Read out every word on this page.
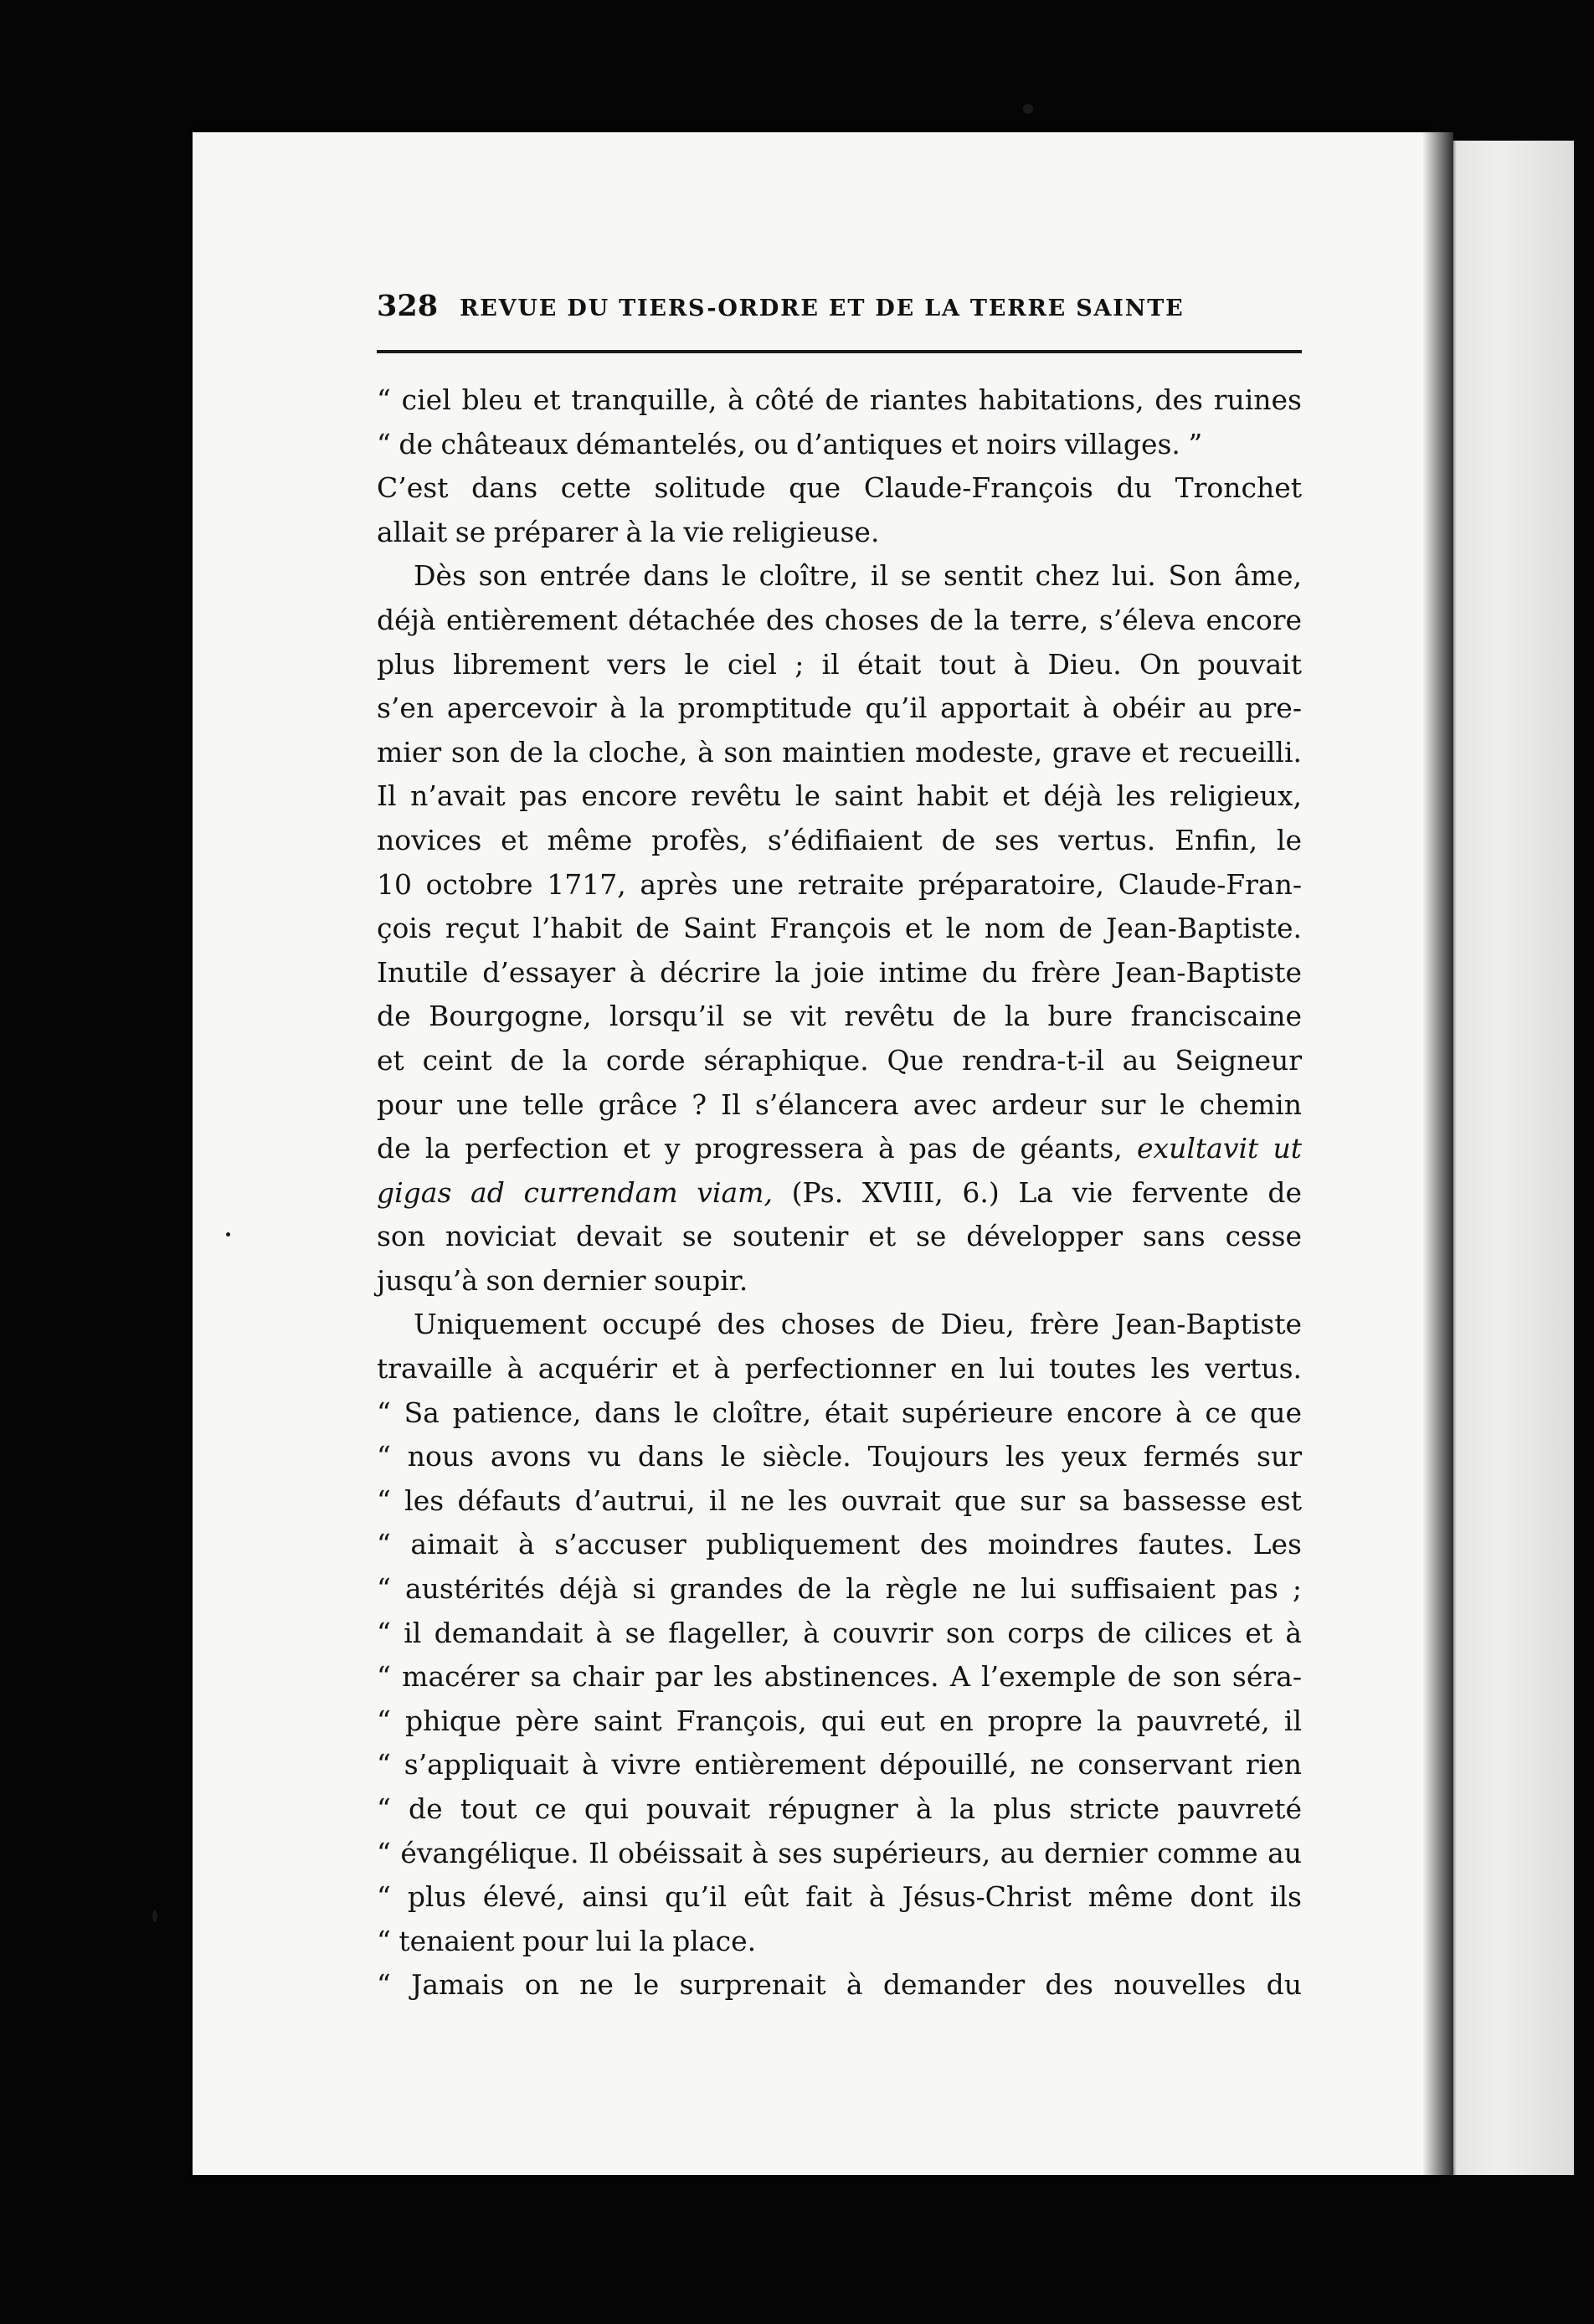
328 REVUE DU TIERS-ORDRE ET DE LA TERRE SAINTE
“ ciel bleu et tranquille, à côté de riantes habitations, des ruines
“ de châteaux démantelés, ou d’antiques et noirs villages. ”
C’est dans cette solitude que Claude-François du Tronchet
allait se préparer à la vie religieuse.
Dès son entrée dans le cloître, il se sentit chez lui. Son âme,
déjà entièrement détachée des choses de la terre, s’éleva encore
plus librement vers le ciel ; il était tout à Dieu. On pouvait
s’en apercevoir à la promptitude qu’il apportait à obéir au pre-
mier son de la cloche, à son maintien modeste, grave et recueilli.
Il n’avait pas encore revêtu le saint habit et déjà les religieux,
novices et même profès, s’édifiaient de ses vertus. Enfin, le
10 octobre 1717, après une retraite préparatoire, Claude-Fran-
çois reçut l’habit de Saint François et le nom de Jean-Baptiste.
Inutile d’essayer à décrire la joie intime du frère Jean-Baptiste
de Bourgogne, lorsqu’il se vit revêtu de la bure franciscaine
et ceint de la corde séraphique. Que rendra-t-il au Seigneur
pour une telle grâce ? Il s’élancera avec ardeur sur le chemin
de la perfection et y progressera à pas de géants, exultavit ut
gigas ad currendam viam, (Ps. XVIII, 6.) La vie fervente de
son noviciat devait se soutenir et se développer sans cesse
jusqu’à son dernier soupir.
Uniquement occupé des choses de Dieu, frère Jean-Baptiste
travaille à acquérir et à perfectionner en lui toutes les vertus.
“ Sa patience, dans le cloître, était supérieure encore à ce que
“ nous avons vu dans le siècle. Toujours les yeux fermés sur
“ les défauts d’autrui, il ne les ouvrait que sur sa bassesse est
“ aimait à s’accuser publiquement des moindres fautes. Les
“ austérités déjà si grandes de la règle ne lui suffisaient pas ;
“ il demandait à se flageller, à couvrir son corps de cilices et à
“ macérer sa chair par les abstinences. A l’exemple de son séra-
“ phique père saint François, qui eut en propre la pauvreté, il
“ s’appliquait à vivre entièrement dépouillé, ne conservant rien
“ de tout ce qui pouvait répugner à la plus stricte pauvreté
“ évangélique. Il obéissait à ses supérieurs, au dernier comme au
“ plus élevé, ainsi qu’il eût fait à Jésus-Christ même dont ils
“ tenaient pour lui la place.
“ Jamais on ne le surprenait à demander des nouvelles du
